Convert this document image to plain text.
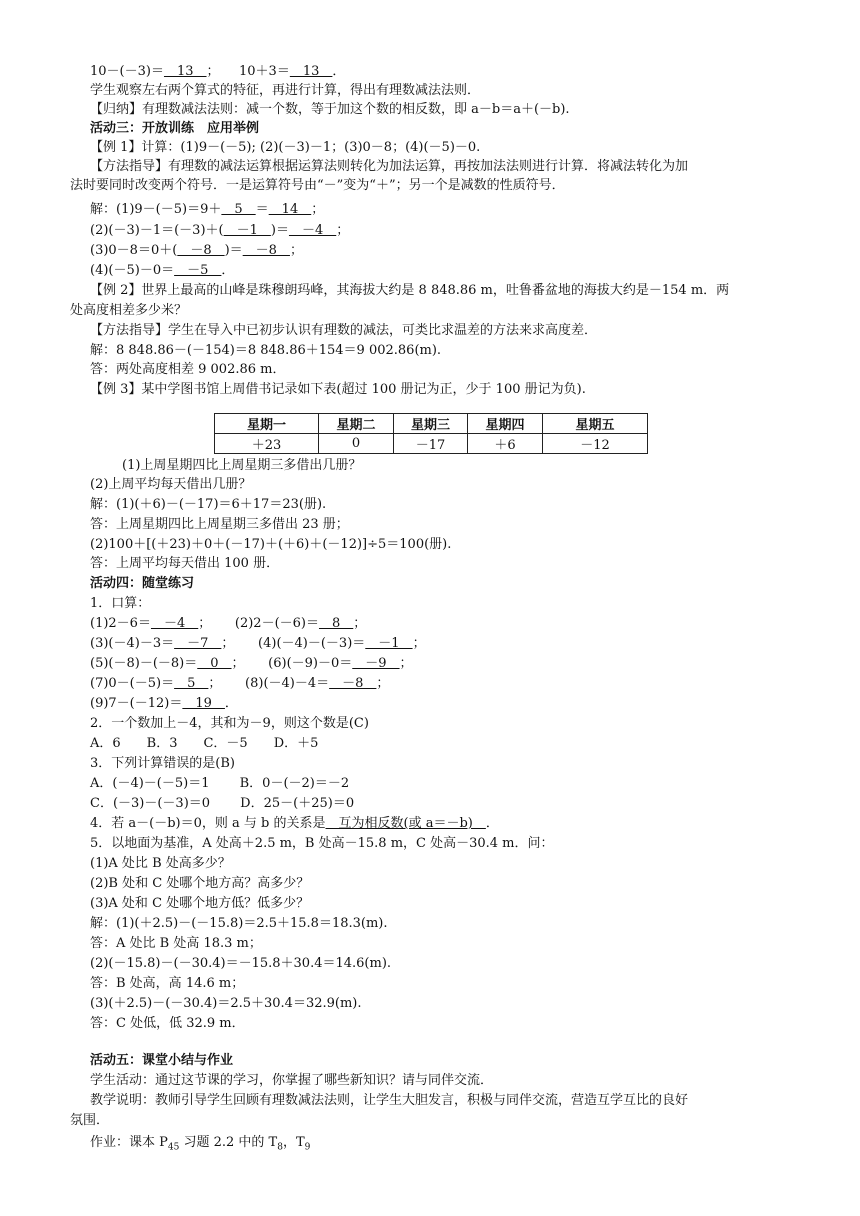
10－(－3)＝　13　；　　10＋3＝　13　．
学生观察左右两个算式的特征，再进行计算，得出有理数减法法则．
【归纳】有理数减法法则：减一个数，等于加这个数的相反数，即 a－b＝a＋(－b).
活动三：开放训练　应用举例
【例 1】计算：(1)9－(－5); (2)(－3)－1；(3)0－8；(4)(－5)－0.
【方法指导】有理数的减法运算根据运算法则转化为加法运算，再按加法法则进行计算．将减法转化为加
法时要同时改变两个符号．一是运算符号由“－”变为“＋”；另一个是减数的性质符号．
解：(1)9－(－5)＝9＋　5　＝　14　；
(2)(－3)－1＝(－3)＋(　－1　)＝　－4　；
(3)0－8＝0＋(　－8　)＝　－8　；
(4)(－5)－0＝　－5　．
【例 2】世界上最高的山峰是珠穆朗玛峰，其海拔大约是 8 848.86 m，吐鲁番盆地的海拔大约是－154 m．两
处高度相差多少米？
【方法指导】学生在导入中已初步认识有理数的减法，可类比求温差的方法来求高度差．
解：8 848.86－(－154)＝8 848.86＋154＝9 002.86(m).
答：两处高度相差 9 002.86 m．
【例 3】某中学图书馆上周借书记录如下表(超过 100 册记为正，少于 100 册记为负).
(1)上周星期四比上周星期三多借出几册？
(2)上周平均每天借出几册？
解：(1)(＋6)－(－17)＝6＋17＝23(册).
答：上周星期四比上周星期三多借出 23 册；
(2)100＋[(＋23)＋0＋(－17)＋(＋6)＋(－12)]÷5＝100(册).
答：上周平均每天借出 100 册．
活动四：随堂练习
1．口算：
(1)2－6＝　－4　；　　 (2)2－(－6)＝　8　；
(3)(－4)－3＝　－7　；　　 (4)(－4)－(－3)＝　－1　；
(5)(－8)－(－8)＝　0　；　　 (6)(－9)－0＝　－9　；
(7)0－(－5)＝　5　；　　 (8)(－4)－4＝　－8　；
(9)7－(－12)＝　19　．
2．一个数加上－4，其和为－9，则这个数是(C)
A．6　　B．3　　C．－5　　D．＋5
3．下列计算错误的是(B)
A．(－4)－(－5)＝1　　 B．0－(－2)＝－2
C．(－3)－(－3)＝0　　 D．25－(＋25)＝0
4．若 a－(－b)＝0，则 a 与 b 的关系是　互为相反数(或 a＝－b)　．
5．以地面为基准，A 处高＋2.5 m，B 处高－15.8 m，C 处高－30.4 m．问：
(1)A 处比 B 处高多少？
(2)B 处和 C 处哪个地方高？高多少？
(3)A 处和 C 处哪个地方低？低多少？
解：(1)(＋2.5)－(－15.8)＝2.5＋15.8＝18.3(m).
答：A 处比 B 处高 18.3 m；
(2)(－15.8)－(－30.4)＝－15.8＋30.4＝14.6(m).
答：B 处高，高 14.6 m；
(3)(＋2.5)－(－30.4)＝2.5＋30.4＝32.9(m).
答：C 处低，低 32.9 m．
活动五：课堂小结与作业
学生活动：通过这节课的学习，你掌握了哪些新知识？请与同伴交流．
教学说明：教师引导学生回顾有理数减法法则，让学生大胆发言，积极与同伴交流，营造互学互比的良好
氛围．
作业：课本 $P_{45}$ 习题 2.2 中的 $T_8$，$T_9$
星期一	星期二	星期三	星期四	星期五
＋23	0	－17	＋6	－12
